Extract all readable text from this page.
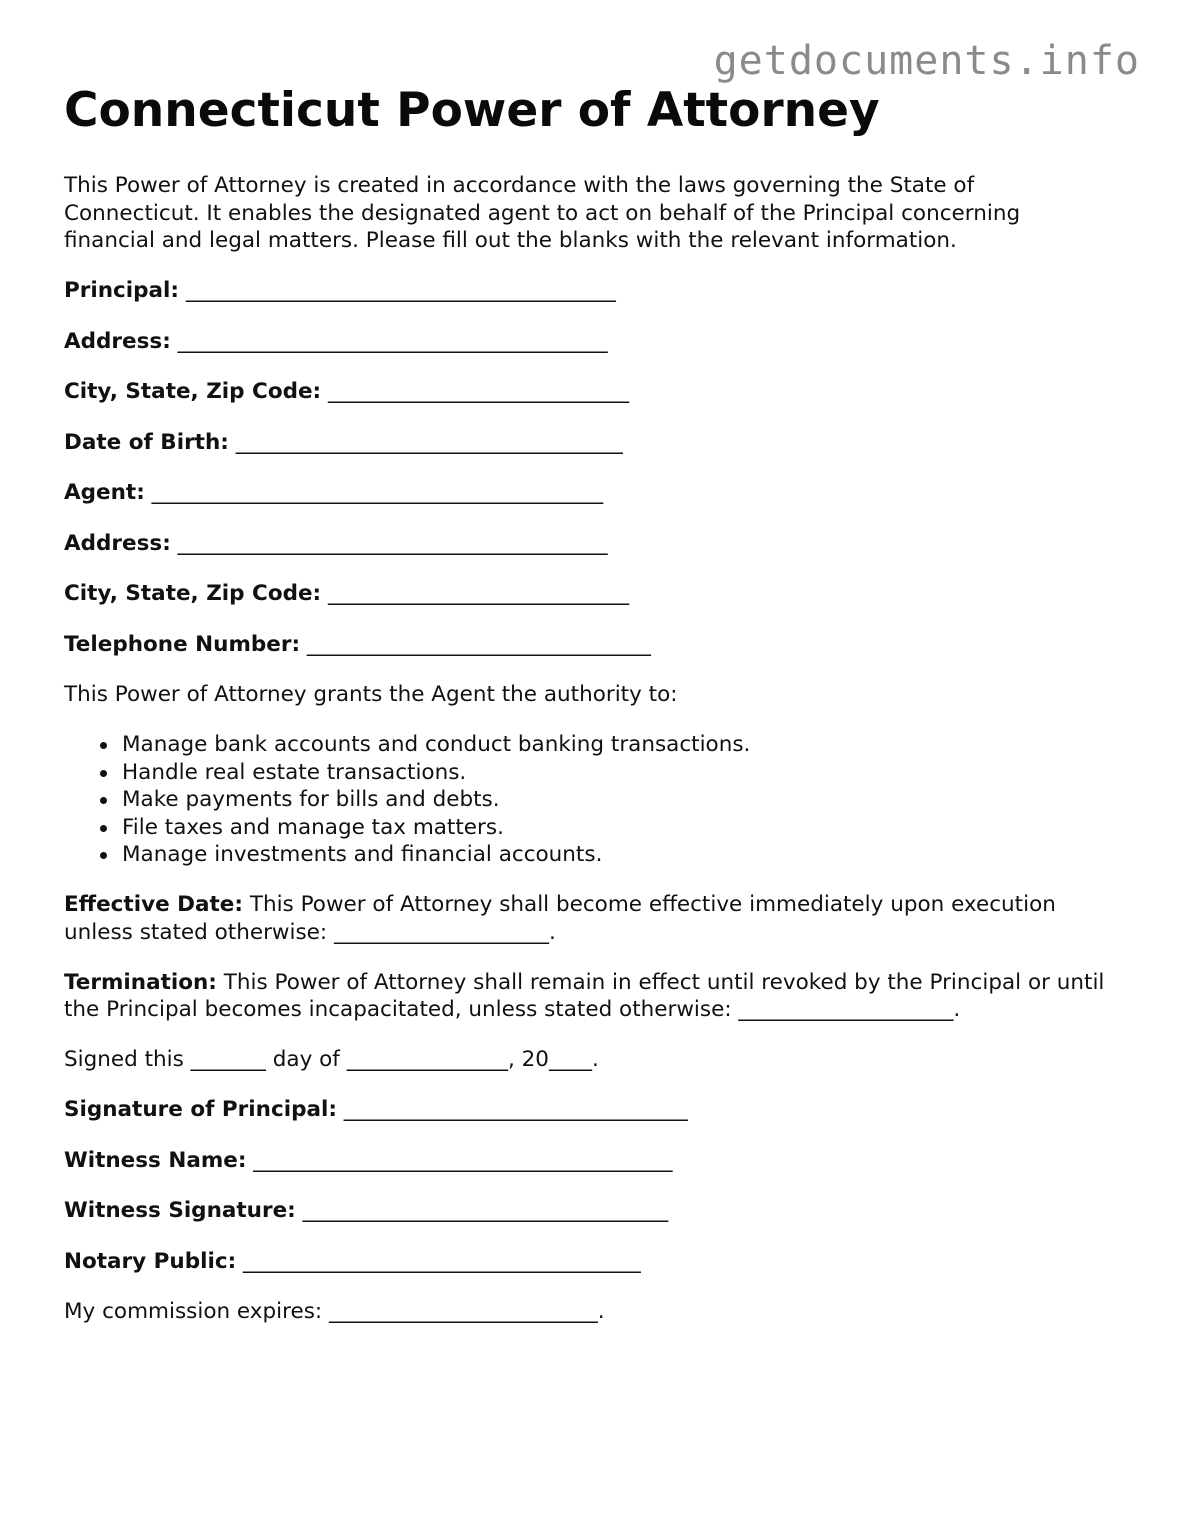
getdocuments.info
Connecticut Power of Attorney

This Power of Attorney is created in accordance with the laws governing the State of Connecticut. It enables the designated agent to act on behalf of the Principal concerning financial and legal matters. Please fill out the blanks with the relevant information.

Principal: ________________________________________

Address: ________________________________________

City, State, Zip Code: ____________________________

Date of Birth: ____________________________________

Agent: __________________________________________

Address: ________________________________________

City, State, Zip Code: ____________________________

Telephone Number: ________________________________

This Power of Attorney grants the Agent the authority to:

Manage bank accounts and conduct banking transactions.
Handle real estate transactions.
Make payments for bills and debts.
File taxes and manage tax matters.
Manage investments and financial accounts.

Effective Date: This Power of Attorney shall become effective immediately upon execution unless stated otherwise: ____________________.

Termination: This Power of Attorney shall remain in effect until revoked by the Principal or until the Principal becomes incapacitated, unless stated otherwise: ____________________.

Signed this _______ day of _______________, 20____.

Signature of Principal: ________________________________

Witness Name: _______________________________________

Witness Signature: __________________________________

Notary Public: _____________________________________

My commission expires: _________________________.
